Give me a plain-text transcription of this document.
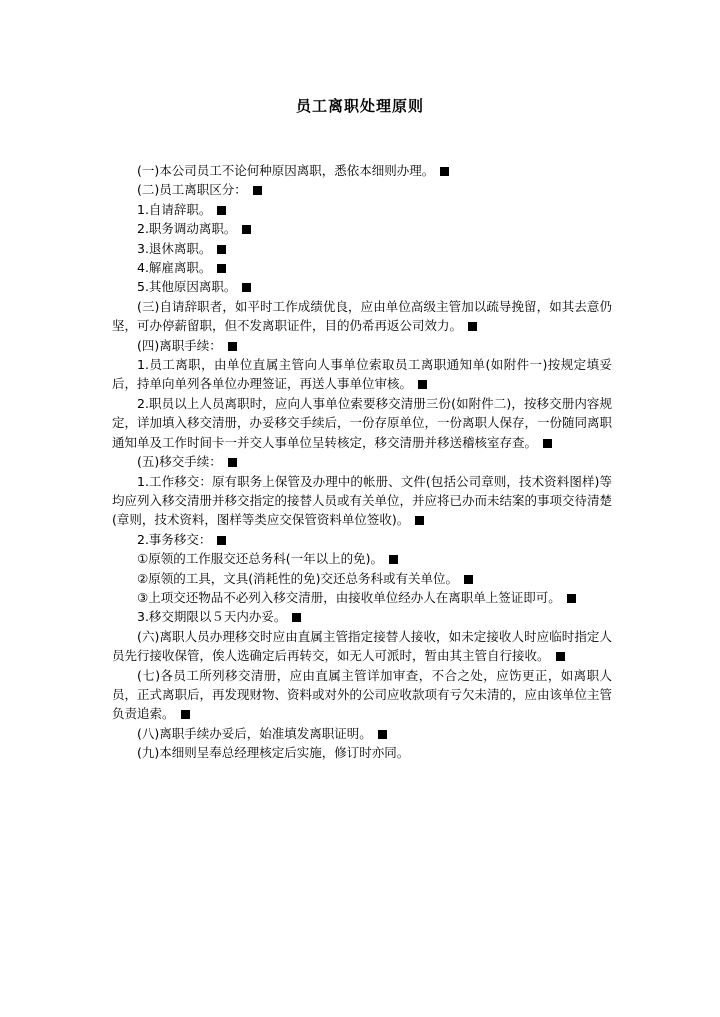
员工离职处理原则

(一)本公司员工不论何种原因离职，悉依本细则办理。

(二)员工离职区分：

1.自请辞职。

2.职务调动离职。

3.退休离职。

4.解雇离职。

5.其他原因离职。

(三)自请辞职者，如平时工作成绩优良，应由单位高级主管加以疏导挽留，如其去意仍坚，可办停薪留职，但不发离职证件，目的仍希再返公司效力。

(四)离职手续：

1.员工离职，由单位直属主管向人事单位索取员工离职通知单(如附件一)按规定填妥后，持单向单列各单位办理签证，再送人事单位审核。

2.职员以上人员离职时，应向人事单位索要移交清册三份(如附件二)，按移交册内容规定，详加填入移交清册，办妥移交手续后，一份存原单位，一份离职人保存，一份随同离职通知单及工作时间卡一并交人事单位呈转核定，移交清册并移送稽核室存查。

(五)移交手续：

1.工作移交：原有职务上保管及办理中的帐册、文件(包括公司章则，技术资料图样)等均应列入移交清册并移交指定的接替人员或有关单位，并应将已办而未结案的事项交待清楚(章则，技术资料，图样等类应交保管资料单位签收)。

2.事务移交：

①原领的工作服交还总务科(一年以上的免)。

②原领的工具，文具(消耗性的免)交还总务科或有关单位。

③上项交还物品不必列入移交清册，由接收单位经办人在离职单上签证即可。

3.移交期限以５天内办妥。

(六)离职人员办理移交时应由直属主管指定接替人接收，如未定接收人时应临时指定人员先行接收保管，俟人选确定后再转交，如无人可派时，暂由其主管自行接收。

(七)各员工所列移交清册，应由直属主管详加审查，不合之处，应饬更正，如离职人员，正式离职后，再发现财物、资料或对外的公司应收款项有亏欠未清的，应由该单位主管负责追索。

(八)离职手续办妥后，始准填发离职证明。

(九)本细则呈奉总经理核定后实施，修订时亦同。
